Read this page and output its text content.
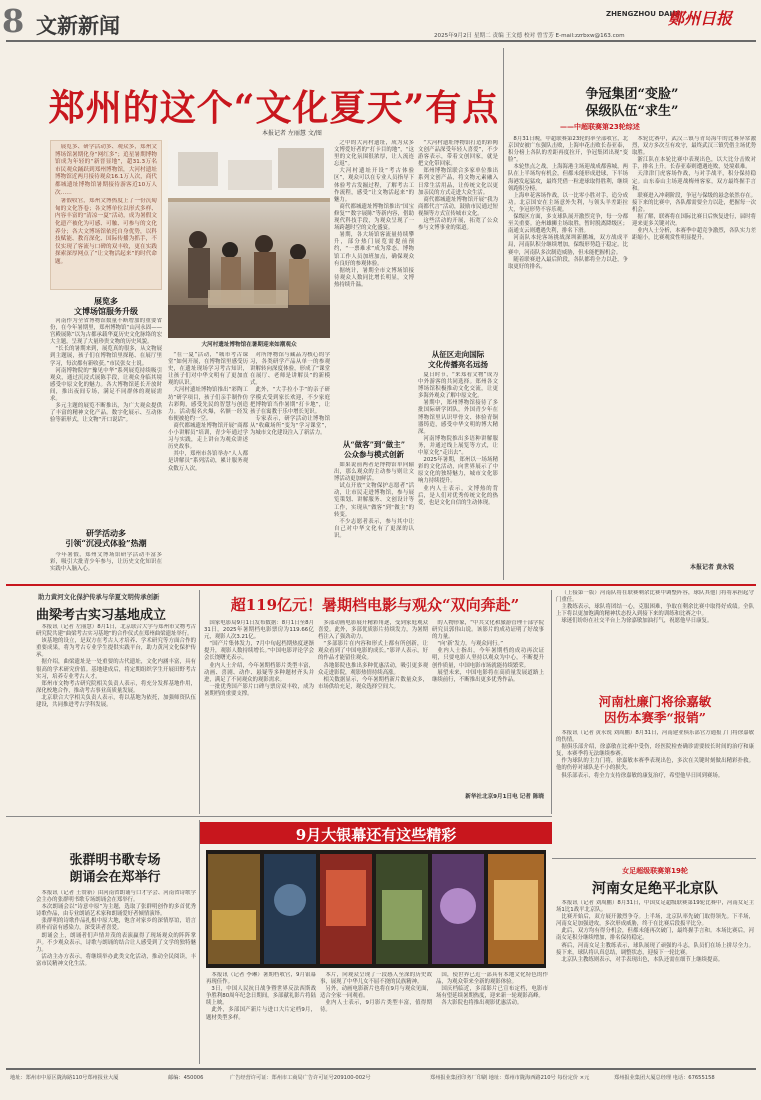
8 文新新闻	ZHENGZHOU DAILY
鄭州日报
2025年9月2日 星期二 责编 王文德 校对 曾雪芳 E-mail:zzrbxw@163.com
郑州的这个“文化夏天”有点
本报记者 左丽慧 文/图
展览多、研学活动多、观众多，郑州文博场馆暑期化身“网红多”；追星暑期博物馆成为年轻的“新晋显地”，超31.3万名市民观众踊跃到郑州博物馆，大河村遗址博物馆近两月接待观众16.1万人次，商代都城遗址博物馆暑期接待游客近10万人次……
暑假收官，郑州文博热度上了一份沉甸甸的文化答卷；各文博单位以形式多样、内容丰富的“清凉一夏”活动，成为暑假文化遗产被化为可感、可触、可参与的文化养分；各大文博场馆依托自身优势，以科技赋能、教育深化、国际传播为抓手，不仅实现了客流与口碑的双丰收，更在实践探索深厚网点了“让文物活起来”的时代命题。
展览多
文博场馆服务升级

河南作为全省博物馆数量不断增加的重要省份，在今年暑期里，郑州博物馆“山河永固——宫殿展陈”以为古都承载华夏历史文化脉络的宏大主题，呈现了大量珍贵文物的历史风貌。

“长长的暑期来到，展览真的很多，从文物展到主题展，孩子们在博物馆里探秘、在展厅里学习，每次都有新收获。”市民张女士说。

河南博物院的“豫见中华”系列展览持续吸引观众，通过沉浸式展陈手段，让观众身临其境感受中原文化的魅力。各大博物馆延长开放时间，推出夜间专场，满足不同群体的观展需求。

多元主题的展览不断推出，为广大观众提供了丰富的精神文化产品。数字化展示、互动体验等新形式，让文物“开口说话”。

研学活动多
引领“沉浸式体验”热潮

今年暑假，郑州文博场馆研学活动丰富多彩，吸引大批青少年参与，让历史文化知识在实践中入脑入心。

大河村遗址博物馆在暑期迎来如潮观众

“在一夏”活动，“城市考古课堂”如何开展，在博物馆里感受历史，在遗址现场学习考古知识，让孩子们对中华文明有了更加直观的认识。

大河村遗址博物馆推出“彩陶工坊”研学项目，孩子们亲手制作仿古彩陶，感受先民的智慧与创造力。活动报名火爆，名额一经发布便被抢约一空。

商代都城遗址博物馆开展“商都小小讲解员”培训，青少年通过学习与实践，走上讲台为观众讲述历史故事。

其中，郑州市各馆举办“人人都是讲解员”系列活动，累计服务观众数万人次。

对所博物馆与藏品为核心的学习，各类研学产品从单一的参观讲解转向深度体验，形成了“课堂在展厅、老师是讲解员”的新模式。

此外，“大手拉小手”的亲子研学模式受到家长欢迎，不少家庭把博物馆当作暑期“打卡地”，让孩子在寓教于乐中增长见识。

专家表示，研学活动让博物馆从“收藏场所”变为“学习课堂”，为城市文化建设注入了新活力。

从“做客”到“做主”
公众参与模式创新

之中的大河村遗址，成为众多文博爱好者的“打卡目的地”，“这里的文化氛围很浓厚，让人流连忘返”。

大河村遗址开设“考古体验区”，观众可以在专业人员指导下体验考古发掘过程，了解考古工作流程，感受“让文物活起来”的魅力。

商代都城遗址博物馆推出“国宝修复”“数字展陈”等新内容，借助现代科技手段，为观众呈现了一场跨越时空的文化盛宴。

暑期，各大场馆客流量持续攀升，部分热门展览需提前预约，“一票难求”成为常态。博物馆工作人员加班加点，确保观众有良好的参观体验。

据统计，暑期全市文博场馆接待观众人数同比增长明显，文博热持续升温。

如果说前两者是博物馆单向输出，那么观众的主动参与则让文博活动更加鲜活。

试点开放“文物保护志愿者”活动，让市民走进博物馆，参与展览策划、讲解服务、文创设计等工作，实现从“做客”到“做主”的转变。

不少志愿者表示，参与其中让自己对中华文化有了更深的认识。

“大河村遗址博物馆打造的彩陶文创产品深受年轻人喜爱”，不少游客表示，带着文创回家，就是把文化带回家。

郑州博物馆联合多家单位推出系列文创产品，将文物元素融入日常生活用品，让传统文化以更加亲民的方式走进大众生活。

商代都城遗址博物馆开展“我为商都代言”活动，鼓励市民通过短视频等方式宣传城市文化。

这些活动的开展，拓宽了公众参与文博事业的渠道。

从征区走向国际
文化传播亮名远扬

夏日时节，“来郑看文物”成为中外游客的共同选择。郑州各文博场馆积极推动文化交流，让更多海外观众了解中原文化。

暑期中，郑州博物馆接待了多批国际研学团队，外国青少年在博物馆里认识甲骨文、体验青铜器铸造，感受中华文明的博大精深。

河南博物院推出多语种讲解服务，并通过线上展览等方式，让中原文化“走出去”。

2025年暑期，郑州以一场场精彩的文化活动，向世界展示了中原文化的独特魅力，城市文化影响力持续提升。

业内人士表示，文博热的背后，是人们对优秀传统文化的热爱，也是文化自信的生动体现。

争冠集团“变脸”
保级队伍“求生”
——中超联赛第23轮综述

8月31日晚，中超联赛第23轮的率全部收官，北京国安被广东强队击败，上海申花击败长春亚泰，积分榜上各队的差距再度拉开，争冠集团出现“变脸”。

本轮焦点之战，上海海港主场迎战成都蓉城，两队在上半场均有机会，但都未能形成进球，下半场海港发起猛攻，最终凭借一粒进球取得胜利，继续领跑积分榜。

上海申花客场作战，以一比零小胜对手，追分成功。北京国安在主场意外失利，与领头羊差距拉大，争冠形势不容乐观。

保级区方面，多支球队展开激烈竞争，每一分都至关重要。沧州雄狮主场取胜，暂时脱离降级区；南通支云则遭遇失利，排名下滑。

河南队本轮客场挑战深圳新鹏城，双方战成平局，河南队积分继续增加，保级形势趋于稳定。比赛中，河南队多次制造威胁，但未能把握机会。

随着联赛进入最后阶段，各队都将全力以赴，争取更好的排名。

本轮比赛中，武汉三镇与青岛海牛的比赛异常激烈，双方多次互有攻守，最终武汉三镇凭借主场优势取胜。

浙江队在本轮比赛中表现出色，以大比分击败对手，排名上升。长春亚泰则遭遇连败，处境艰难。

天津津门虎客场作战，与对手战平，积分保持稳定。山东泰山主场迎战梅州客家，双方最终握手言和。

联赛进入冲刺阶段，争冠与保级的悬念依然存在。接下来的比赛中，各队都需要全力以赴，把握每一次机会。

据了解，联赛将在国际比赛日后恢复进行，届时将迎来更多关键对决。

业内人士分析，本赛季中超竞争激烈，各队实力差距缩小，比赛观赏性明显提升。

本报记者 黄永锐
助力黄河文化保护传承与华夏文明传承创新
曲梁考古实习基地成立

本报讯（记者 左丽慧）8月1日，北京联合大学与郑州市文物考古研究院共建“曲梁考古实习基地”的合作仪式在郑州曲梁遗址举行。

该基地的设立，是双方在考古人才培养、学术研究等方面合作的重要成果，将为考古专业学生提供实践平台，助力黄河文化保护传承。

据介绍，曲梁遗址是一处重要的古代遗址，文化内涵丰富，具有很高的学术研究价值。基地建成后，将定期组织学生开展田野考古实习，培养专业考古人才。

郑州市文物考古研究院相关负责人表示，将充分发挥基地作用，深化校地合作，推动考古事业高质量发展。

北京联合大学相关负责人表示，将以基地为依托，加强师资队伍建设，共同推进考古学科发展。

超119亿元！暑期档电影与观众“双向奔赴”

国家电影局9月1日发布数据：8月1日至8月31日，2025年暑期档电影票房为119.66亿元，观影人次3.21亿。

“国产片集体发力，7月中旬起档期热度逐渐提升，观影人数持续增长。”中国电影评论学会会长饶曙光表示。

业内人士介绍，今年暑期档影片类型丰富，动画、喜剧、动作、悬疑等多种题材齐头并进，满足了不同观众的观影需求。

一批优秀国产影片口碑与票房双丰收，成为暑期档的重要支撑。

多部动画电影展开精彩角逐，受到家庭观众喜爱。此外，多部优质影片持续发力，为暑期档注入了强劲动力。

“多部影片在内容和形式上都有所创新，让观众看到了中国电影的成长。”影评人表示，好的作品才能留住观众。

各地影院也推出多种优惠活动，吸引更多观众走进影院，观影热情持续高涨。

相关数据显示，今年暑期档新片数量众多，市场供给充足，观众选择空间大。

的人物形象，“中共文化和旅游管理干部学院研究员郭伟山说。该影片的成功证明了好故事的力量。

“向‘新’发力，与观众同行。”

业内人士指出，今年暑期档的成功再次证明，只要电影人坚持以观众为中心，不断提升创作质量，中国电影市场就能持续繁荣。

展望未来，中国电影将在高质量发展道路上继续前行，不断推出更多优秀作品。

新华社北京9月1日电 记者 陈晓
河南杜廉门将徐嘉敏
因伤本赛季“报销”

本报讯（记者 黄永锐 刘周鹏）8月31日，河南建业俱乐部官方通报了门将徐嘉敏的伤情。

据俱乐部介绍，徐嘉敏在比赛中受伤，经医院检查确诊需要较长时间的治疗和康复，本赛季将无法继续参赛。

作为球队的主力门将，徐嘉敏本赛季表现出色，多次在关键时刻做出精彩扑救。他的伤停对球队是不小的损失。

俱乐部表示，将全力支持徐嘉敏的康复治疗，希望他早日回到赛场。

（上接第一版）河南队将在联赛剩余比赛中调整阵容，球队其他门将将承担起守门重任。

主教练表示，球队将团结一心，克服困难，争取在剩余比赛中取得好成绩。全队上下将以更加饱满的精神状态投入到接下来的训练和比赛之中。

球迷们纷纷在社交平台上为徐嘉敏加油打气，祝愿他早日康复。

张群明书歌专场
朗诵会在郑举行

本报讯（记者 王赞新）由河南省朗诵与口才学会、河南省诗歌学会主办的张群明书歌专场朗诵会在郑举行。

本次朗诵会以“诗意中原”为主题，选取了张群明创作的多首优秀诗歌作品，由专业朗诵艺术家和朗诵爱好者倾情演绎。

张群明的诗歌作品扎根中原大地，饱含对家乡的深情厚谊，语言质朴而富有感染力，深受读者喜爱。

朗诵会上，朗诵者们声情并茂的表演赢得了现场观众的阵阵掌声。不少观众表示，诗歌与朗诵的结合让人感受到了文学的独特魅力。

活动主办方表示，将继续举办此类文化活动，推动全民阅读，丰富市民精神文化生活。

9月大银幕还有这些精彩

本报讯（记者 李琳）暑期档收官，9月银幕再现佳作。

3日，中国人民抗日战争暨世界反法西斯战争胜利80周年纪念日期间，多部献礼影片将陆续上映。

此外，多部国产新片与进口大片定档9月，题材类型多样。

本片，向观众呈现了一段感人至深的历史故事，展现了中华儿女不屈不挠的民族精神。

另外，动画电影新片也将在9月与观众见面，适合全家一同观看。

业内人士表示，9月影片类型丰富，值得期待。

国，使世界已近一部具有本地文化特色的作品，为观众带来全新的观影体验。

国庆档临近，多部影片已宣布定档，电影市场有望延续暑期热度，迎来新一轮观影高峰。

各大影院也将推出观影优惠活动。

女足超级联赛第19轮
河南女足绝平北京队

本报讯（记者 刘周鹏）8月31日，中国女足超级联赛第19轮比赛中，河南女足主场1比1战平北京队。

比赛开始后，双方展开激烈争夺。上半场，北京队率先破门取得领先。下半场，河南女足加强进攻，多次形成威胁，终于在比赛后段扳平比分。

此后，双方均有得分机会，但都未能再次破门，最终握手言和。本场比赛后，河南女足积分继续增加，排名保持稳定。

赛后，河南女足主教练表示，球队展现了顽强的斗志，队员们在场上拼尽全力。接下来，球队将认真总结，调整状态，迎接下一轮比赛。

北京队主教练则表示，对手表现出色，本队还需在细节上继续提高。

地址：郑州市中原区陇海路110号郑州报业大厦	邮编：450006	广告经营许可证：郑州市工商局广告许可证号209100-002号	郑州报业集团印务厂印刷 地址：郑州市陇海西路210号 每份定价 ×元	郑州报业集团大厦总经理 电话：67655158
